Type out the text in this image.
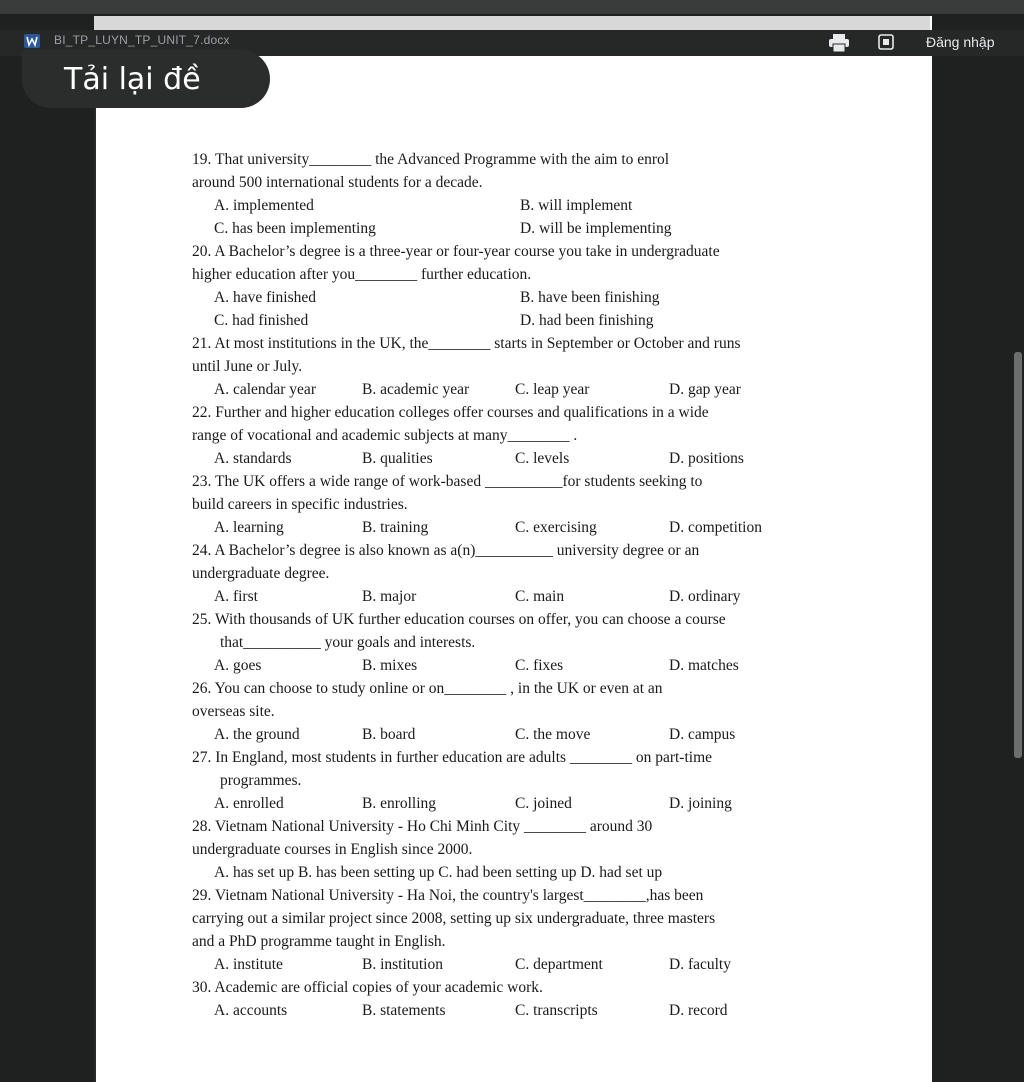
BI_TP_LUYN_TP_UNIT_7.docx	Đăng nhập
Tải lại đề
19. That university________ the Advanced Programme with the aim to enrol
around 500 international students for a decade.
A. implemented	B. will implement
C. has been implementing	D. will be implementing
20. A Bachelor’s degree is a three-year or four-year course you take in undergraduate
higher education after you________ further education.
A. have finished	B. have been finishing
C. had finished	D. had been finishing
21. At most institutions in the UK, the________ starts in September or October and runs
until June or July.
A. calendar year	B. academic year	C. leap year	D. gap year
22. Further and higher education colleges offer courses and qualifications in a wide
range of vocational and academic subjects at many________ .
A. standards	B. qualities	C. levels	D. positions
23. The UK offers a wide range of work-based __________for students seeking to
build careers in specific industries.
A. learning	B. training	C. exercising	D. competition
24. A Bachelor’s degree is also known as a(n)__________ university degree or an
undergraduate degree.
A. first	B. major	C. main	D. ordinary
25. With thousands of UK further education courses on offer, you can choose a course
that__________ your goals and interests.
A. goes	B. mixes	C. fixes	D. matches
26. You can choose to study online or on________ , in the UK or even at an
overseas site.
A. the ground	B. board	C. the move	D. campus
27. In England, most students in further education are adults ________ on part-time
programmes.
A. enrolled	B. enrolling	C. joined	D. joining
28. Vietnam National University - Ho Chi Minh City ________ around 30
undergraduate courses in English since 2000.
A. has set up B. has been setting up C. had been setting up D. had set up
29. Vietnam National University - Ha Noi, the country's largest________,has been
carrying out a similar project since 2008, setting up six undergraduate, three masters
and a PhD programme taught in English.
A. institute	B. institution	C. department	D. faculty
30. Academic are official copies of your academic work.
A. accounts	B. statements	C. transcripts	D. record
